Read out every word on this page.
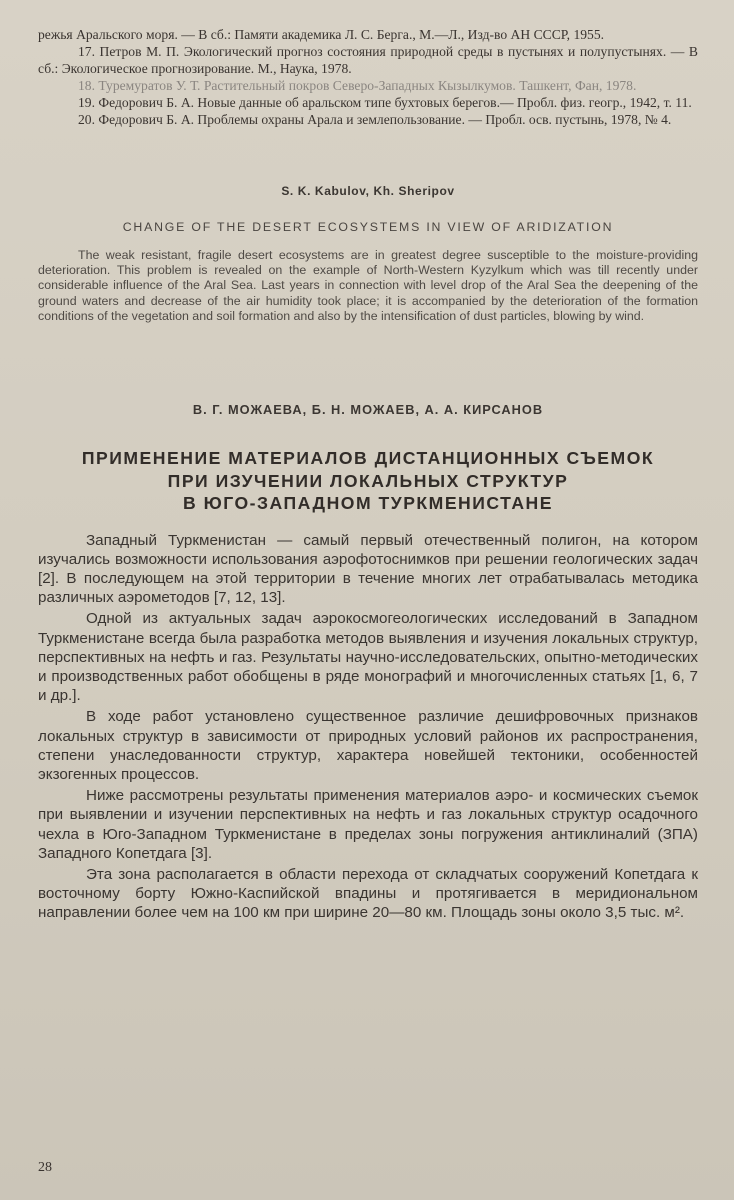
режья Аральского моря. — В сб.: Памяти академика Л. С. Берга., М.—Л., Изд-во АН СССР, 1955.

17. Петров М. П. Экологический прогноз состояния природной среды в пустынях и полупустынях. — В сб.: Экологическое прогнозирование. М., Наука, 1978.

18. Туремуратов У. Т. Растительный покров Северо-Западных Кызылкумов. Ташкент, Фан, 1978.

19. Федорович Б. А. Новые данные об аральском типе бухтовых берегов.— Пробл. физ. геогр., 1942, т. 11.

20. Федорович Б. А. Проблемы охраны Арала и землепользование. — Пробл. осв. пустынь, 1978, № 4.

S. K. Kabulov, Kh. Sheripov
CHANGE OF THE DESERT ECOSYSTEMS IN VIEW OF ARIDIZATION

The weak resistant, fragile desert ecosystems are in greatest degree susceptible to the moisture-providing deterioration. This problem is revealed on the example of North-Western Kyzylkum which was till recently under considerable influence of the Aral Sea. Last years in connection with level drop of the Aral Sea the deepening of the ground waters and decrease of the air humidity took place; it is accompanied by the deterioration of the formation conditions of the vegetation and soil formation and also by the intensification of dust particles, blowing by wind.

В. Г. МОЖАЕВА, Б. Н. МОЖАЕВ, А. А. КИРСАНОВ
ПРИМЕНЕНИЕ МАТЕРИАЛОВ ДИСТАНЦИОННЫХ СЪЕМОК
ПРИ ИЗУЧЕНИИ ЛОКАЛЬНЫХ СТРУКТУР
В ЮГО-ЗАПАДНОМ ТУРКМЕНИСТАНЕ

Западный Туркменистан — самый первый отечественный полигон, на котором изучались возможности использования аэрофотоснимков при решении геологических задач [2]. В последующем на этой территории в течение многих лет отрабатывалась методика различных аэрометодов [7, 12, 13].

Одной из актуальных задач аэрокосмогеологических исследований в Западном Туркменистане всегда была разработка методов выявления и изучения локальных структур, перспективных на нефть и газ. Результаты научно-исследовательских, опытно-методических и производственных работ обобщены в ряде монографий и многочисленных статьях [1, 6, 7 и др.].

В ходе работ установлено существенное различие дешифровочных признаков локальных структур в зависимости от природных условий районов их распространения, степени унаследованности структур, характера новейшей тектоники, особенностей экзогенных процессов.

Ниже рассмотрены результаты применения материалов аэро- и космических съемок при выявлении и изучении перспективных на нефть и газ локальных структур осадочного чехла в Юго-Западном Туркменистане в пределах зоны погружения антиклиналий (ЗПА) Западного Копетдага [3].

Эта зона располагается в области перехода от складчатых сооружений Копетдага к восточному борту Южно-Каспийской впадины и протягивается в меридиональном направлении более чем на 100 км при ширине 20—80 км. Площадь зоны около 3,5 тыс. м².

28
